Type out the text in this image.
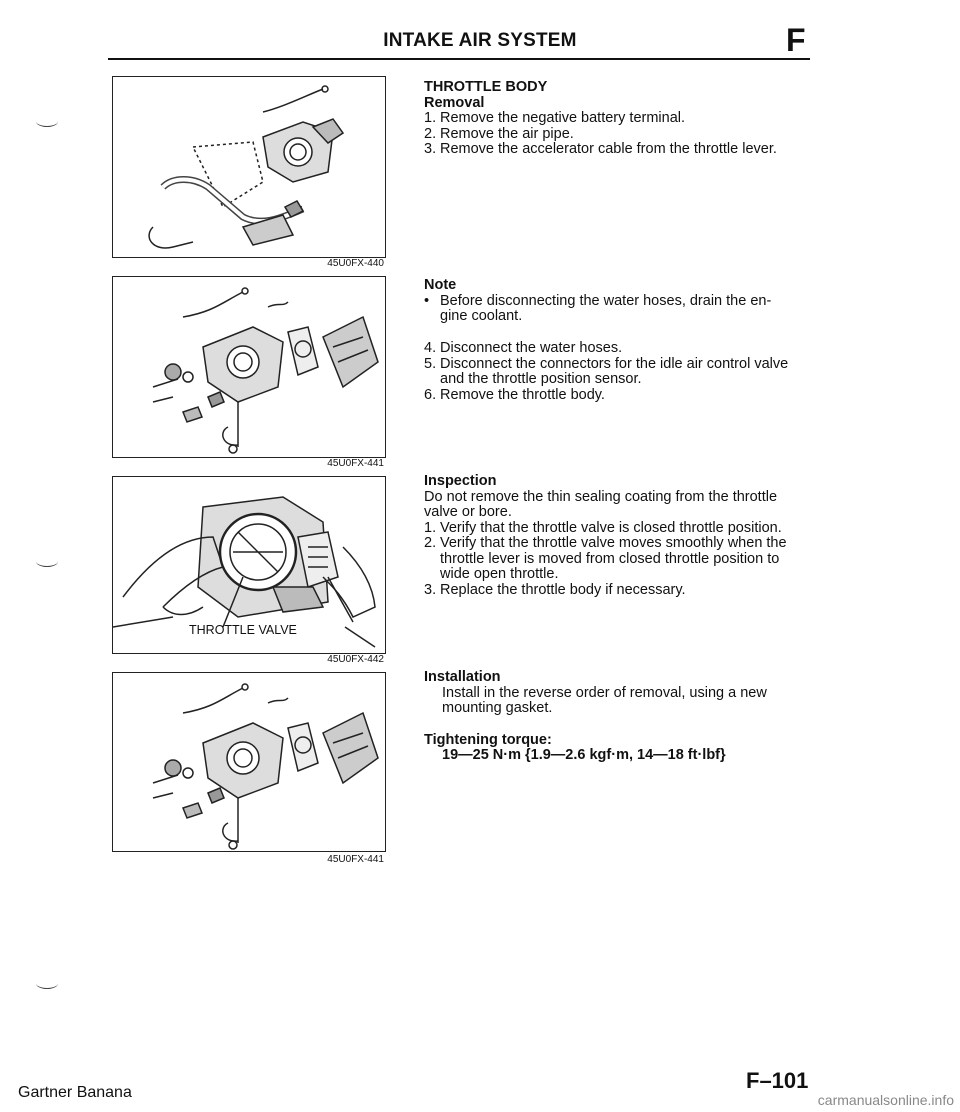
INTAKE AIR SYSTEM	F
45U0FX-440
45U0FX-441
THROTTLE VALVE
45U0FX-442
45U0FX-441
THROTTLE BODY
Removal
1. Remove the negative battery terminal.
2. Remove the air pipe.
3. Remove the accelerator cable from the throttle lever.
Note
• Before disconnecting the water hoses, drain the en-
gine coolant.
4. Disconnect the water hoses.
5. Disconnect the connectors for the idle air control valve
and the throttle position sensor.
6. Remove the throttle body.
Inspection
Do not remove the thin sealing coating from the throttle
valve or bore.
1. Verify that the throttle valve is closed throttle position.
2. Verify that the throttle valve moves smoothly when the
throttle lever is moved from closed throttle position to
wide open throttle.
3. Replace the throttle body if necessary.
Installation
Install in the reverse order of removal, using a new
mounting gasket.
Tightening torque:
19—25 N·m {1.9—2.6 kgf·m, 14—18 ft·lbf}
Gartner Banana	F–101
carmanualsonline.info
